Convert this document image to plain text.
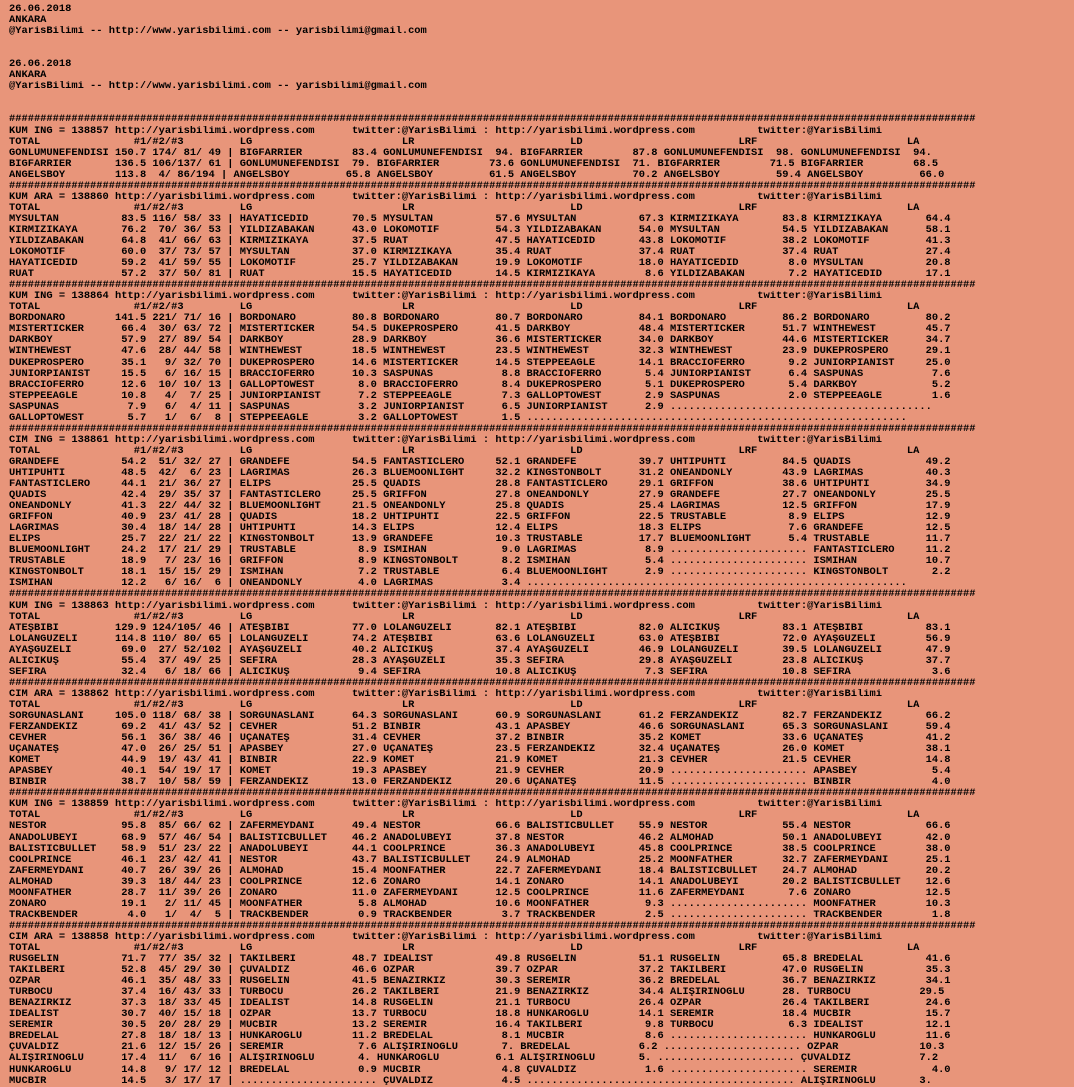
26.06.2018
ANKARA
@YarisBilimi -- http://www.yarisbilimi.com -- yarisbilimi@gmail.com
26.06.2018
ANKARA
@YarisBilimi -- http://www.yarisbilimi.com -- yarisbilimi@gmail.com
###########################################################################################################################################################
KUM ING = 138857 http://yarisbilimi.wordpress.com      twitter:@YarisBilimi : http://yarisbilimi.wordpress.com          twitter:@YarisBilimi
TOTAL               #1/#2/#3         LG                        LR                         LD                         LRF                        LA
GONLÜMÜNEFENDİSİ 150.7 174/ 81/ 49 | BIGFARRIER        83.4 GONLÜMÜNEFENDİSİ  94. BIGFARRIER        87.8 GONLÜMÜNEFENDİSİ  98. GONLÜMÜNEFENDİSİ  94.
BIGFARRIER       136.5 106/137/ 61 | GONLÜMÜNEFENDİSİ  79. BIGFARRIER        73.6 GONLÜMÜNEFENDİSİ  71. BIGFARRIER        71.5 BIGFARRIER        68.5
ANGELSBOY        113.8  4/ 86/194 | ANGELSBOY         65.8 ANGELSBOY         61.5 ANGELSBOY         70.2 ANGELSBOY         59.4 ANGELSBOY         66.0
###########################################################################################################################################################
KUM ARA = 138860 http://yarisbilimi.wordpress.com      twitter:@YarisBilimi : http://yarisbilimi.wordpress.com          twitter:@YarisBilimi
TOTAL               #1/#2/#3         LG                        LR                         LD                         LRF                        LA
MYSULTAN          83.5 116/ 58/ 33 | HAYATICEDİD       70.5 MYSULTAN          57.6 MYSULTAN          67.3 KIRMIZIKAYA       83.8 KIRMIZIKAYA       64.4
KIRMIZIKAYA       76.2  70/ 36/ 53 | YILDIZABAKAN      43.0 LOKOMOTİF         54.3 YILDIZABAKAN      54.0 MYSULTAN          54.5 YILDIZABAKAN      58.1
YILDIZABAKAN      64.8  41/ 66/ 63 | KIRMIZIKAYA       37.5 RUAT              47.5 HAYATICEDİD       43.8 LOKOMOTİF         38.2 LOKOMOTİF         41.3
LOKOMOTİF         60.0  37/ 73/ 57 | MYSULTAN          37.0 KIRMIZIKAYA       35.4 RUAT              37.4 RUAT              37.4 RUAT              27.4
HAYATICEDİD       59.2  41/ 59/ 55 | LOKOMOTİF         25.7 YILDIZABAKAN      19.9 LOKOMOTİF         18.0 HAYATICEDİD        8.0 MYSULTAN          20.8
RUAT              57.2  37/ 50/ 81 | RUAT              15.5 HAYATICEDİD       14.5 KIRMIZIKAYA        8.6 YILDIZABAKAN       7.2 HAYATICEDİD       17.1
###########################################################################################################################################################
KUM ING = 138864 http://yarisbilimi.wordpress.com      twitter:@YarisBilimi : http://yarisbilimi.wordpress.com          twitter:@YarisBilimi
TOTAL               #1/#2/#3         LG                        LR                         LD                         LRF                        LA
BORDONARO        141.5 221/ 71/ 16 | BORDONARO         80.8 BORDONARO         80.7 BORDONARO         84.1 BORDONARO         86.2 BORDONARO         80.2
MISTERTICKER      66.4  30/ 63/ 72 | MISTERTICKER      54.5 DUKEPROSPERO      41.5 DARKBOY           48.4 MISTERTICKER      51.7 WINTHEWEST        45.7
DARKBOY           57.9  27/ 89/ 54 | DARKBOY           28.9 DARKBOY           36.6 MISTERTICKER      34.0 DARKBOY           44.6 MISTERTICKER      34.7
WINTHEWEST        47.6  28/ 44/ 58 | WINTHEWEST        18.5 WINTHEWEST        23.5 WINTHEWEST        32.3 WINTHEWEST        23.9 DUKEPROSPERO      29.1
DUKEPROSPERO      35.1   9/ 32/ 70 | DUKEPROSPERO      14.6 MISTERTICKER      14.5 STEPPEEAGLE       14.1 BRACCIOFERRO       9.2 JUNIORPIANIST     25.0
JUNIORPIANIST     15.5   6/ 16/ 15 | BRACCIOFERRO      10.3 SASPUNAS           8.8 BRACCIOFERRO       5.4 JUNIORPIANIST      6.4 SASPUNAS           7.6
BRACCIOFERRO      12.6  10/ 10/ 13 | GALLOPTOWEST       8.0 BRACCIOFERRO       8.4 DUKEPROSPERO       5.1 DUKEPROSPERO       5.4 DARKBOY            5.2
STEPPEEAGLE       10.8   4/  7/ 25 | JUNIORPIANIST      7.2 STEPPEEAGLE        7.3 GALLOPTOWEST       2.9 SASPUNAS           2.0 STEPPEEAGLE        1.6
SASPUNAS           7.9   6/  4/ 11 | SASPUNAS           3.2 JUNIORPIANIST      6.5 JUNIORPIANIST      2.9 ..........................................
GALLOPTOWEST       5.7   1/  6/  8 | STEPPEEAGLE        3.2 GALLOPTOWEST       1.5 .............................................................
###########################################################################################################################################################
CIM ING = 138861 http://yarisbilimi.wordpress.com      twitter:@YarisBilimi : http://yarisbilimi.wordpress.com          twitter:@YarisBilimi
TOTAL               #1/#2/#3         LG                        LR                         LD                         LRF                        LA
GRANDEFE          54.2  51/ 32/ 27 | GRANDEFE          54.5 FANTASTICLERO     52.1 GRANDEFE          39.7 UHTIPUHTI         84.5 QUADIS            49.2
UHTIPUHTI         48.5  42/  6/ 23 | LAGRIMAS          26.3 BLUEMOONLIGHT     32.2 KINGSTONBOLT      31.2 ONEANDONLY        43.9 LAGRIMAS          40.3
FANTASTICLERO     44.1  21/ 36/ 27 | ELIPS             25.5 QUADIS            28.8 FANTASTICLERO     29.1 GRIFFON           38.6 UHTIPUHTI         34.9
QUADIS            42.4  29/ 35/ 37 | FANTASTICLERO     25.5 GRIFFON           27.8 ONEANDONLY        27.9 GRANDEFE          27.7 ONEANDONLY        25.5
ONEANDONLY        41.3  22/ 44/ 32 | BLUEMOONLIGHT     21.5 ONEANDONLY        25.8 QUADIS            25.4 LAGRIMAS          12.5 GRIFFON           17.9
GRIFFON           40.9  23/ 41/ 28 | QUADIS            18.2 UHTIPUHTI         22.5 GRIFFON           22.5 TRUSTABLE          8.9 ELIPS             12.9
LAGRIMAS          30.4  18/ 14/ 28 | UHTIPUHTI         14.3 ELIPS             12.4 ELIPS             18.3 ELIPS              7.6 GRANDEFE          12.5
ELIPS             25.7  22/ 21/ 22 | KINGSTONBOLT      13.9 GRANDEFE          10.3 TRUSTABLE         17.7 BLUEMOONLIGHT      5.4 TRUSTABLE         11.7
BLUEMOONLIGHT     24.2  17/ 21/ 29 | TRUSTABLE          8.9 İSMİHAN            9.0 LAGRIMAS           8.9 ...................... FANTASTICLERO     11.2
TRUSTABLE         18.9   7/ 23/ 16 | GRIFFON            8.9 KINGSTONBOLT       8.2 İSMİHAN            5.4 ...................... İSMİHAN           10.7
KINGSTONBOLT      18.1  15/ 15/ 29 | İSMİHAN            7.2 TRUSTABLE          6.4 BLUEMOONLIGHT      2.9 ...................... KINGSTONBOLT       2.2
İSMİHAN           12.2   6/ 16/  6 | ONEANDONLY         4.0 LAGRIMAS           3.4 .............................................................
###########################################################################################################################################################
KUM ING = 138863 http://yarisbilimi.wordpress.com      twitter:@YarisBilimi : http://yarisbilimi.wordpress.com          twitter:@YarisBilimi
TOTAL               #1/#2/#3         LG                        LR                         LD                         LRF                        LA
ATEŞBİBİ         129.9 124/105/ 46 | ATEŞBİBİ          77.0 LOLANGÜZELİ       82.1 ATEŞBİBİ          82.0 ALICIKUŞ          83.1 ATEŞBİBİ          83.1
LOLANGÜZELİ      114.8 110/ 80/ 65 | LOLANGÜZELİ       74.2 ATEŞBİBİ          63.6 LOLANGÜZELİ       63.0 ATEŞBİBİ          72.0 AYAŞGÜZELİ        56.9
AYAŞGÜZELİ        69.0  27/ 52/102 | AYAŞGÜZELİ        40.2 ALICIKUŞ          37.4 AYAŞGÜZELİ        46.9 LOLANGÜZELİ       39.5 LOLANGÜZELİ       47.9
ALICIKUŞ          55.4  37/ 49/ 25 | SEFİRA            28.3 AYAŞGÜZELİ        35.3 SEFİRA            29.8 AYAŞGÜZELİ        23.8 ALICIKUŞ          37.7
SEFİRA            32.4   6/ 18/ 66 | ALICIKUŞ           9.4 SEFİRA            10.8 ALICIKUŞ           7.3 SEFİRA            10.8 SEFİRA             3.6
###########################################################################################################################################################
CIM ARA = 138862 http://yarisbilimi.wordpress.com      twitter:@YarisBilimi : http://yarisbilimi.wordpress.com          twitter:@YarisBilimi
TOTAL               #1/#2/#3         LG                        LR                         LD                         LRF                        LA
SORGUNASLANI     105.0 118/ 68/ 38 | SORGUNASLANI      64.3 SORGUNASLANI      60.9 SORGUNASLANI      61.2 FERZANDEKIZ       82.7 FERZANDEKIZ       66.2
FERZANDEKIZ       69.2  41/ 43/ 52 | CEVHER            51.2 BINBIR            43.1 APASBEY           46.6 SORGUNASLANI      65.3 SORGUNASLANI      59.4
CEVHER            56.1  36/ 38/ 46 | UÇANATEŞ          31.4 CEVHER            37.2 BINBIR            35.2 KOMET             33.6 UÇANATEŞ          41.2
UÇANATEŞ          47.0  26/ 25/ 51 | APASBEY           27.0 UÇANATEŞ          23.5 FERZANDEKIZ       32.4 UÇANATEŞ          26.0 KOMET             38.1
KOMET             44.9  19/ 43/ 41 | BINBIR            22.9 KOMET             21.9 KOMET             21.3 CEVHER            21.5 CEVHER            14.8
APASBEY           40.1  54/ 19/ 17 | KOMET             19.3 APASBEY           21.9 CEVHER            20.9 ...................... APASBEY            5.4
BINBIR            38.7  10/ 58/ 59 | FERZANDEKIZ       13.0 FERZANDEKIZ       20.6 UÇANATEŞ          11.5 ...................... BINBIR             4.0
###########################################################################################################################################################
KUM ING = 138859 http://yarisbilimi.wordpress.com      twitter:@YarisBilimi : http://yarisbilimi.wordpress.com          twitter:@YarisBilimi
TOTAL               #1/#2/#3         LG                        LR                         LD                         LRF                        LA
NESTOR            95.8  85/ 66/ 62 | ZAFERMEYDANI      49.4 NESTOR            66.6 BALISTICBULLET    55.9 NESTOR            55.4 NESTOR            66.6
ANADOLUBEYİ       68.9  57/ 46/ 54 | BALISTICBULLET    46.2 ANADOLUBEYİ       37.8 NESTOR            46.2 ALMOHAD           50.1 ANADOLUBEYİ       42.0
BALISTICBULLET    58.9  51/ 23/ 22 | ANADOLUBEYİ       44.1 COOLPRINCE        36.3 ANADOLUBEYİ       45.8 COOLPRINCE        38.5 COOLPRINCE        38.0
COOLPRINCE        46.1  23/ 42/ 41 | NESTOR            43.7 BALISTICBULLET    24.9 ALMOHAD           25.2 MOONFATHER        32.7 ZAFERMEYDANI      25.1
ZAFERMEYDANI      40.7  26/ 39/ 26 | ALMOHAD           15.4 MOONFATHER        22.7 ZAFERMEYDANI      18.4 BALISTICBULLET    24.7 ALMOHAD           20.2
ALMOHAD           39.3  18/ 44/ 23 | COOLPRINCE        12.6 ZONARO            14.1 ZONARO            14.1 ANADOLUBEYİ       20.2 BALISTICBULLET    12.6
MOONFATHER        28.7  11/ 39/ 26 | ZONARO            11.0 ZAFERMEYDANI      12.5 COOLPRINCE        11.6 ZAFERMEYDANI       7.6 ZONARO            12.5
ZONARO            19.1   2/ 11/ 45 | MOONFATHER         5.8 ALMOHAD           10.6 MOONFATHER         9.3 ...................... MOONFATHER        10.3
TRACKBENDER        4.0   1/  4/  5 | TRACKBENDER        0.9 TRACKBENDER        3.7 TRACKBENDER        2.5 ...................... TRACKBENDER        1.8
###########################################################################################################################################################
CIM ARA = 138858 http://yarisbilimi.wordpress.com      twitter:@YarisBilimi : http://yarisbilimi.wordpress.com          twitter:@YarisBilimi
TOTAL               #1/#2/#3         LG                        LR                         LD                         LRF                        LA
RUSGELİN          71.7  77/ 35/ 32 | TAKILBERİ         48.7 İDEALİST          49.8 RUSGELİN          51.1 RUSGELİN          65.8 BREDELAL          41.6
TAKILBERİ         52.8  45/ 29/ 30 | ÇUVALDIZ          46.6 ÖZPAR             39.7 ÖZPAR             37.2 TAKILBERİ         47.0 RUSGELİN          35.3
ÖZPAR             46.1  35/ 48/ 33 | RUSGELİN          41.5 BENAZİRKIZ        30.3 SEREMİR           36.2 BREDELAL          36.7 BENAZİRKIZ        34.1
TURBOCU           37.4  16/ 43/ 33 | TURBOCU           26.2 TAKILBERİ         21.9 BENAZİRKIZ        34.4 ALIŞIRINOĞLU      28. TURBOCU           29.5
BENAZİRKIZ        37.3  18/ 33/ 45 | İDEALİST          14.8 RUSGELİN          21.1 TURBOCU           26.4 ÖZPAR             26.4 TAKILBERİ         24.6
İDEALİST          30.7  40/ 15/ 18 | ÖZPAR             13.7 TURBOCU           18.8 HUNKAROĞLU        14.1 SEREMİR           18.4 MÜCBİR            15.7
SEREMİR           30.5  20/ 28/ 29 | MÜCBİR            13.2 SEREMİR           16.4 TAKILBERİ          9.8 TURBOCU            6.3 İDEALİST          12.1
BREDELAL          27.8  18/ 18/ 13 | HUNKAROĞLU        11.2 BREDELAL           8.1 MÜCBİR             8.6 ...................... HUNKAROĞLU        11.6
ÇUVALDIZ          21.6  12/ 15/ 26 | SEREMİR            7.6 ALIŞIRINOĞLU       7. BREDELAL           6.2 ...................... ÖZPAR             10.3
ALIŞIRINOĞLU      17.4  11/  6/ 16 | ALIŞIRINOĞLU       4. HUNKAROĞLU         6.1 ALIŞIRINOĞLU       5. ...................... ÇUVALDIZ           7.2
HUNKAROĞLU        14.8   9/ 17/ 12 | BREDELAL           0.9 MÜCBİR             4.8 ÇUVALDIZ           1.6 ...................... SEREMİR            4.0
MÜCBİR            14.5   3/ 17/ 17 | ...................... ÇUVALDIZ           4.5 ........................................... ALIŞIRINOĞLU       3.
